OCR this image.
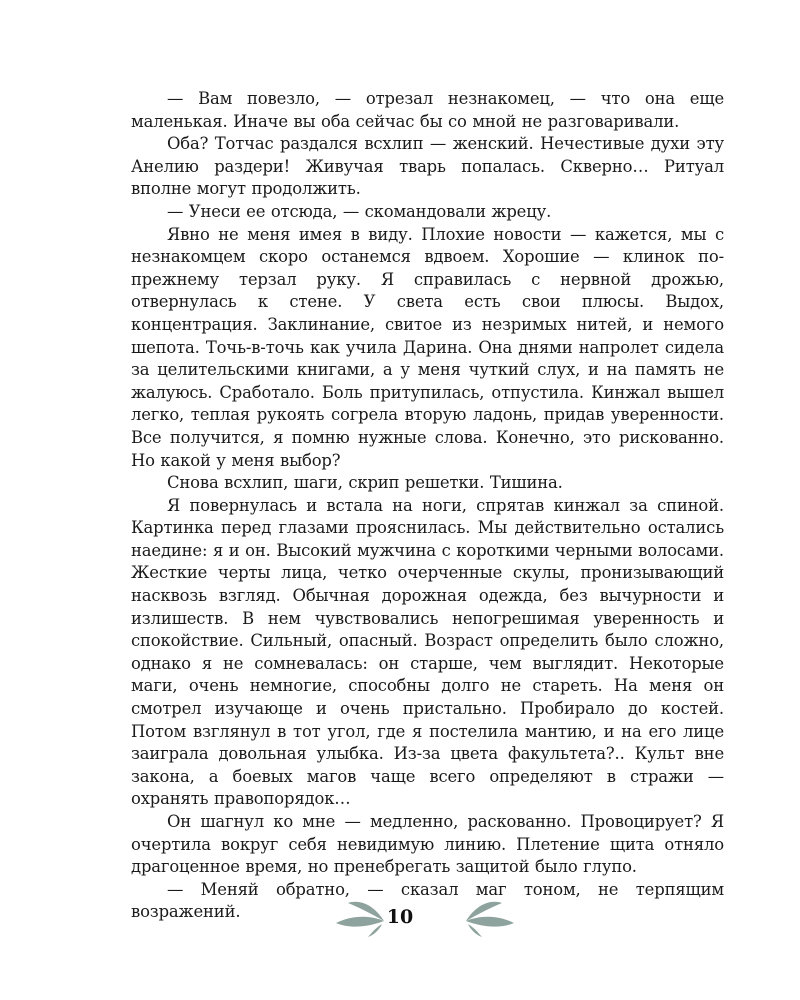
— Вам повезло, — отрезал незнакомец, — что она еще маленькая. Иначе вы оба сейчас бы со мной не разговаривали.

Оба? Тотчас раздался всхлип — женский. Нечестивые духи эту Анелию раздери! Живучая тварь попалась. Скверно… Ритуал вполне могут продолжить.

— Унеси ее отсюда, — скомандовали жрецу.

Явно не меня имея в виду. Плохие новости — кажется, мы с незнакомцем скоро останемся вдвоем. Хорошие — клинок по-прежнему терзал руку. Я справилась с нервной дрожью, отвернулась к стене. У света есть свои плюсы. Выдох, концентрация. Заклинание, свитое из незримых нитей, и немого шепота. Точь-в-точь как учила Дарина. Она днями напролет сидела за целительскими книгами, а у меня чуткий слух, и на память не жалуюсь. Сработало. Боль притупилась, отпустила. Кинжал вышел легко, теплая рукоять согрела вторую ладонь, придав уверенности. Все получится, я помню нужные слова. Конечно, это рискованно. Но какой у меня выбор?

Снова всхлип, шаги, скрип решетки. Тишина.

Я повернулась и встала на ноги, спрятав кинжал за спиной. Картинка перед глазами прояснилась. Мы действительно остались наедине: я и он. Высокий мужчина с короткими черными волосами. Жесткие черты лица, четко очерченные скулы, пронизывающий насквозь взгляд. Обычная дорожная одежда, без вычурности и излишеств. В нем чувствовались непогрешимая уверенность и спокойствие. Сильный, опасный. Возраст определить было сложно, однако я не сомневалась: он старше, чем выглядит. Некоторые маги, очень немногие, способны долго не стареть. На меня он смотрел изучающе и очень пристально. Пробирало до костей. Потом взглянул в тот угол, где я постелила мантию, и на его лице заиграла довольная улыбка. Из-за цвета факультета?.. Культ вне закона, а боевых магов чаще всего определяют в стражи — охранять правопорядок…

Он шагнул ко мне — медленно, раскованно. Провоцирует? Я очертила вокруг себя невидимую линию. Плетение щита отняло драгоценное время, но пренебрегать защитой было глупо.

— Меняй обратно, — сказал маг тоном, не терпящим возражений.	10
